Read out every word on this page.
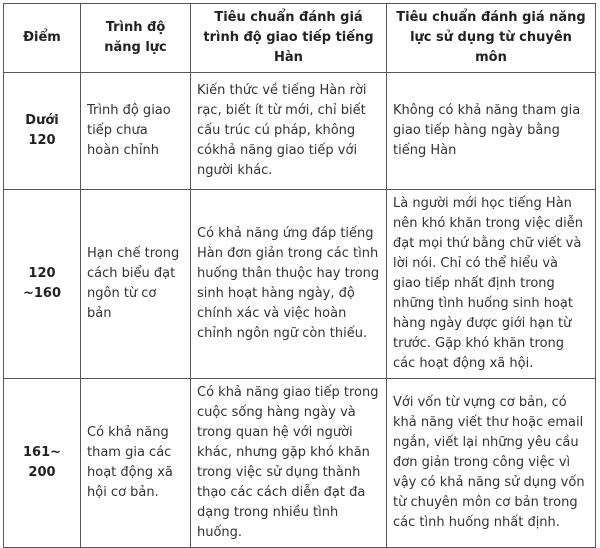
Điểm	Trình độ năng lực	Tiêu chuẩn đánh giá trình độ giao tiếp tiếng Hàn	Tiêu chuẩn đánh giá năng lực sử dụng từ chuyên môn
Dưới 120	Trình độ giao tiếp chưa hoàn chỉnh	Kiến thức về tiếng Hàn rời rạc, biết ít từ mới, chỉ biết cấu trúc cú pháp, không cókhả năng giao tiếp với người khác.	Không có khả năng tham gia giao tiếp hàng ngày bằng tiếng Hàn
120 ~160	Hạn chế trong cách biểu đạt ngôn từ cơ bản	Có khả năng ứng đáp tiếng Hàn đơn giản trong các tình huống thân thuộc hay trong sinh hoạt hàng ngày, độ chính xác và việc hoàn chỉnh ngôn ngữ còn thiếu.	Là người mới học tiếng Hàn nên khó khăn trong việc diễn đạt mọi thứ bằng chữ viết và lời nói. Chỉ có thể hiểu và giao tiếp nhất định trong những tình huống sinh hoạt hàng ngày được giới hạn từ trước. Gặp khó khăn trong các hoạt động xã hội.
161~ 200	Có khả năng tham gia các hoạt động xã hội cơ bản.	Có khả năng giao tiếp trong cuộc sống hàng ngày và trong quan hệ với người khác, nhưng gặp khó khăn trong việc sử dụng thành thạo các cách diễn đạt đa dạng trong nhiều tình huống.	Với vốn từ vựng cơ bản, có khả năng viết thư hoặc email ngắn, viết lại những yêu cầu đơn giản trong công việc vì vậy có khả năng sử dụng vốn từ chuyên môn cơ bản trong các tình huống nhất định.
